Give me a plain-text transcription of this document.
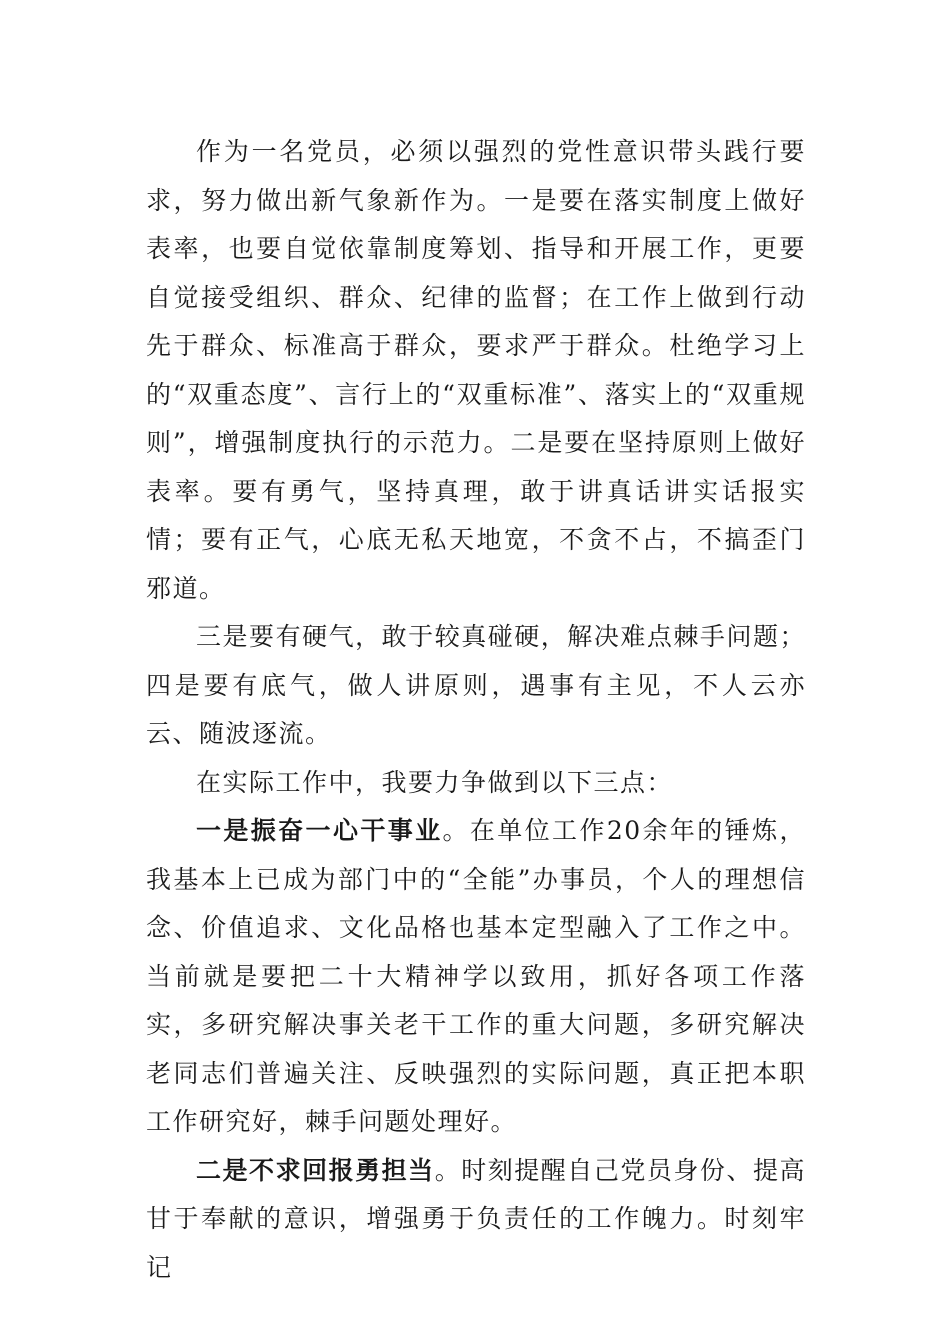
作为一名党员，必须以强烈的党性意识带头践行要求，努力做出新气象新作为。一是要在落实制度上做好表率，也要自觉依靠制度筹划、指导和开展工作，更要自觉接受组织、群众、纪律的监督；在工作上做到行动先于群众、标准高于群众，要求严于群众。杜绝学习上的“双重态度”、言行上的“双重标准”、落实上的“双重规则”，增强制度执行的示范力。二是要在坚持原则上做好表率。要有勇气，坚持真理，敢于讲真话讲实话报实情；要有正气，心底无私天地宽，不贪不占，不搞歪门邪道。

三是要有硬气，敢于较真碰硬，解决难点棘手问题；四是要有底气，做人讲原则，遇事有主见，不人云亦云、随波逐流。

在实际工作中，我要力争做到以下三点：

一是振奋一心干事业。在单位工作20余年的锤炼，我基本上已成为部门中的“全能”办事员，个人的理想信念、价值追求、文化品格也基本定型融入了工作之中。当前就是要把二十大精神学以致用，抓好各项工作落实，多研究解决事关老干工作的重大问题，多研究解决老同志们普遍关注、反映强烈的实际问题，真正把本职工作研究好，棘手问题处理好。

二是不求回报勇担当。时刻提醒自己党员身份、提高甘于奉献的意识，增强勇于负责任的工作魄力。时刻牢记
